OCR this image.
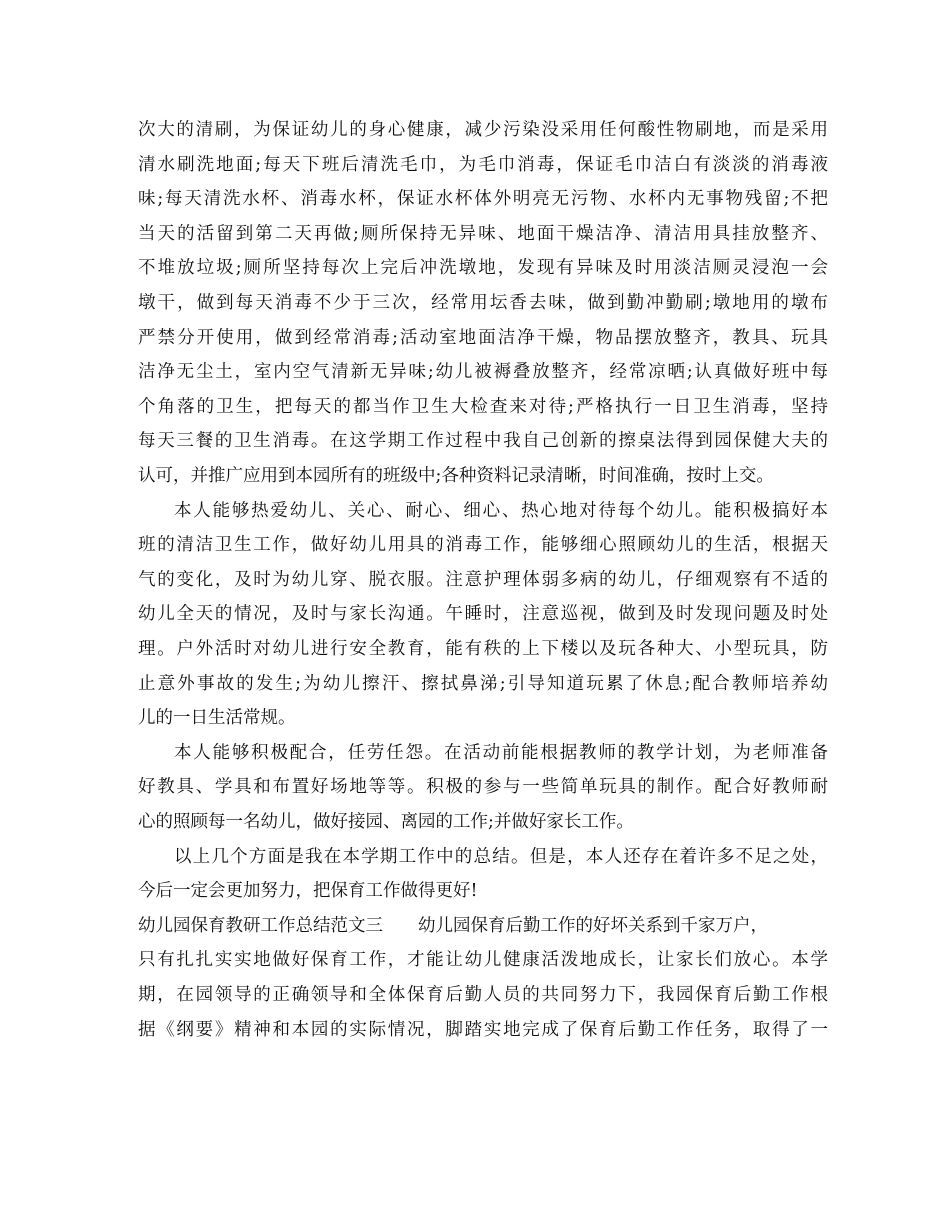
次大的清刷，为保证幼儿的身心健康，减少污染没采用任何酸性物刷地，而是采用
清水刷洗地面;每天下班后清洗毛巾，为毛巾消毒，保证毛巾洁白有淡淡的消毒液
味;每天清洗水杯、消毒水杯，保证水杯体外明亮无污物、水杯内无事物残留;不把
当天的活留到第二天再做;厕所保持无异味、地面干燥洁净、清洁用具挂放整齐、
不堆放垃圾;厕所坚持每次上完后冲洗墩地，发现有异味及时用淡洁厕灵浸泡一会
墩干，做到每天消毒不少于三次，经常用坛香去味，做到勤冲勤刷;墩地用的墩布
严禁分开使用，做到经常消毒;活动室地面洁净干燥，物品摆放整齐，教具、玩具
洁净无尘土，室内空气清新无异味;幼儿被褥叠放整齐，经常凉晒;认真做好班中每
个角落的卫生，把每天的都当作卫生大检查来对待;严格执行一日卫生消毒，坚持
每天三餐的卫生消毒。在这学期工作过程中我自己创新的擦桌法得到园保健大夫的
认可，并推广应用到本园所有的班级中;各种资料记录清晰，时间准确，按时上交。
本人能够热爱幼儿、关心、耐心、细心、热心地对待每个幼儿。能积极搞好本
班的清洁卫生工作，做好幼儿用具的消毒工作，能够细心照顾幼儿的生活，根据天
气的变化，及时为幼儿穿、脱衣服。注意护理体弱多病的幼儿，仔细观察有不适的
幼儿全天的情况，及时与家长沟通。午睡时，注意巡视，做到及时发现问题及时处
理。户外活时对幼儿进行安全教育，能有秩的上下楼以及玩各种大、小型玩具，防
止意外事故的发生;为幼儿擦汗、擦拭鼻涕;引导知道玩累了休息;配合教师培养幼
儿的一日生活常规。
本人能够积极配合，任劳任怨。在活动前能根据教师的教学计划，为老师准备
好教具、学具和布置好场地等等。积极的参与一些简单玩具的制作。配合好教师耐
心的照顾每一名幼儿，做好接园、离园的工作;并做好家长工作。
以上几个方面是我在本学期工作中的总结。但是，本人还存在着许多不足之处，
今后一定会更加努力，把保育工作做得更好!
幼儿园保育教研工作总结范文三　　幼儿园保育后勤工作的好坏关系到千家万户，
只有扎扎实实地做好保育工作，才能让幼儿健康活泼地成长，让家长们放心。本学
期，在园领导的正确领导和全体保育后勤人员的共同努力下，我园保育后勤工作根
据《纲要》精神和本园的实际情况，脚踏实地完成了保育后勤工作任务，取得了一
